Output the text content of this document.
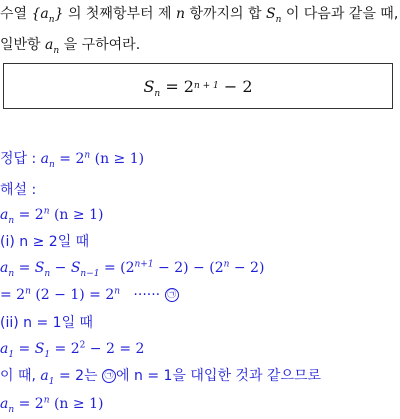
수열 $\{a_n\}$ 의 첫째항부터 제 n 항까지의 합 $S_n$ 이 다음과 같을 때,
일반항 $a_n$ 을 구하여라.
$S_n$
= 2 n + 1
− 2
정답 : $a_n = 2^n$ (n ≥ 1)
해설 :
$a_n = 2^n$ (n ≥ 1)
(i) n ≥ 2일 때
$a_n = S_n - S_{n-1} = (2^{n+1} - 2) - (2^n - 2)$
= $2^n$ $(2 - 1) = 2^n$ ······ ㉠
(ii) n = 1일 때
$a_1 = S_1 = 2^2 - 2 = 2$
이 때, $a_1 = 2$는 ㉠ 에 n = 1을 대입한 것과 같으므로
$a_n = 2^n$ (n ≥ 1)
